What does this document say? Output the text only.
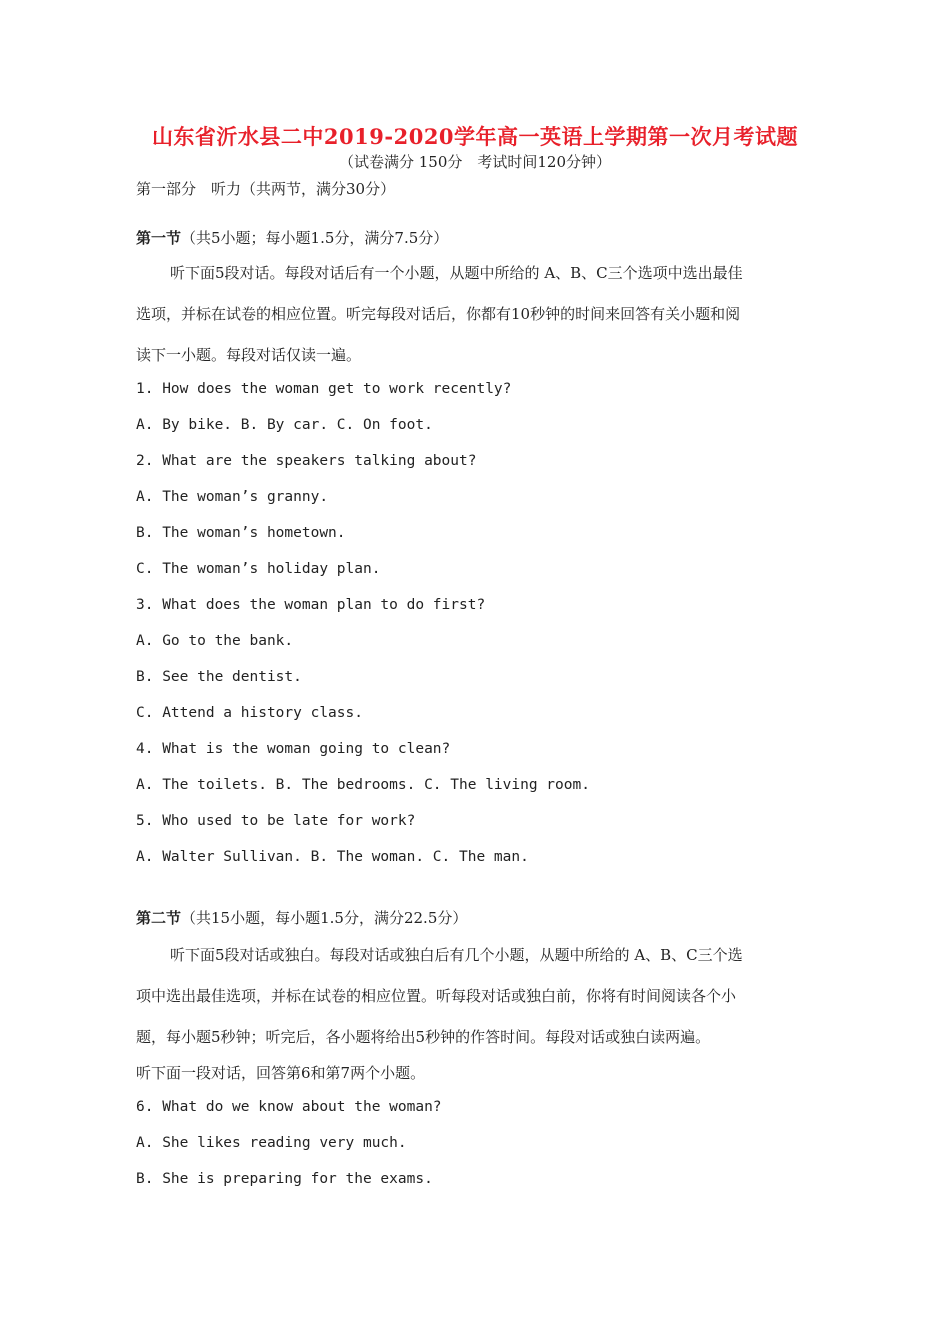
山东省沂水县二中2019-2020学年高一英语上学期第一次月考试题
（试卷满分 150分　考试时间120分钟）
第一部分　听力（共两节，满分30分）
第一节（共5小题；每小题1.5分，满分7.5分）
听下面5段对话。每段对话后有一个小题，从题中所给的 A、B、C三个选项中选出最佳
选项，并标在试卷的相应位置。听完每段对话后，你都有10秒钟的时间来回答有关小题和阅
读下一小题。每段对话仅读一遍。
1. How does the woman get to work recently?
A. By bike. B. By car. C. On foot.
2. What are the speakers talking about?
A. The woman’s granny.
B. The woman’s hometown.
C. The woman’s holiday plan.
3. What does the woman plan to do first?
A. Go to the bank.
B. See the dentist.
C. Attend a history class.
4. What is the woman going to clean?
A. The toilets. B. The bedrooms. C. The living room.
5. Who used to be late for work?
A. Walter Sullivan. B. The woman. C. The man.
第二节（共15小题，每小题1.5分，满分22.5分）
听下面5段对话或独白。每段对话或独白后有几个小题，从题中所给的 A、B、C三个选
项中选出最佳选项，并标在试卷的相应位置。听每段对话或独白前，你将有时间阅读各个小
题，每小题5秒钟；听完后，各小题将给出5秒钟的作答时间。每段对话或独白读两遍。
听下面一段对话，回答第6和第7两个小题。
6. What do we know about the woman?
A. She likes reading very much.
B. She is preparing for the exams.
